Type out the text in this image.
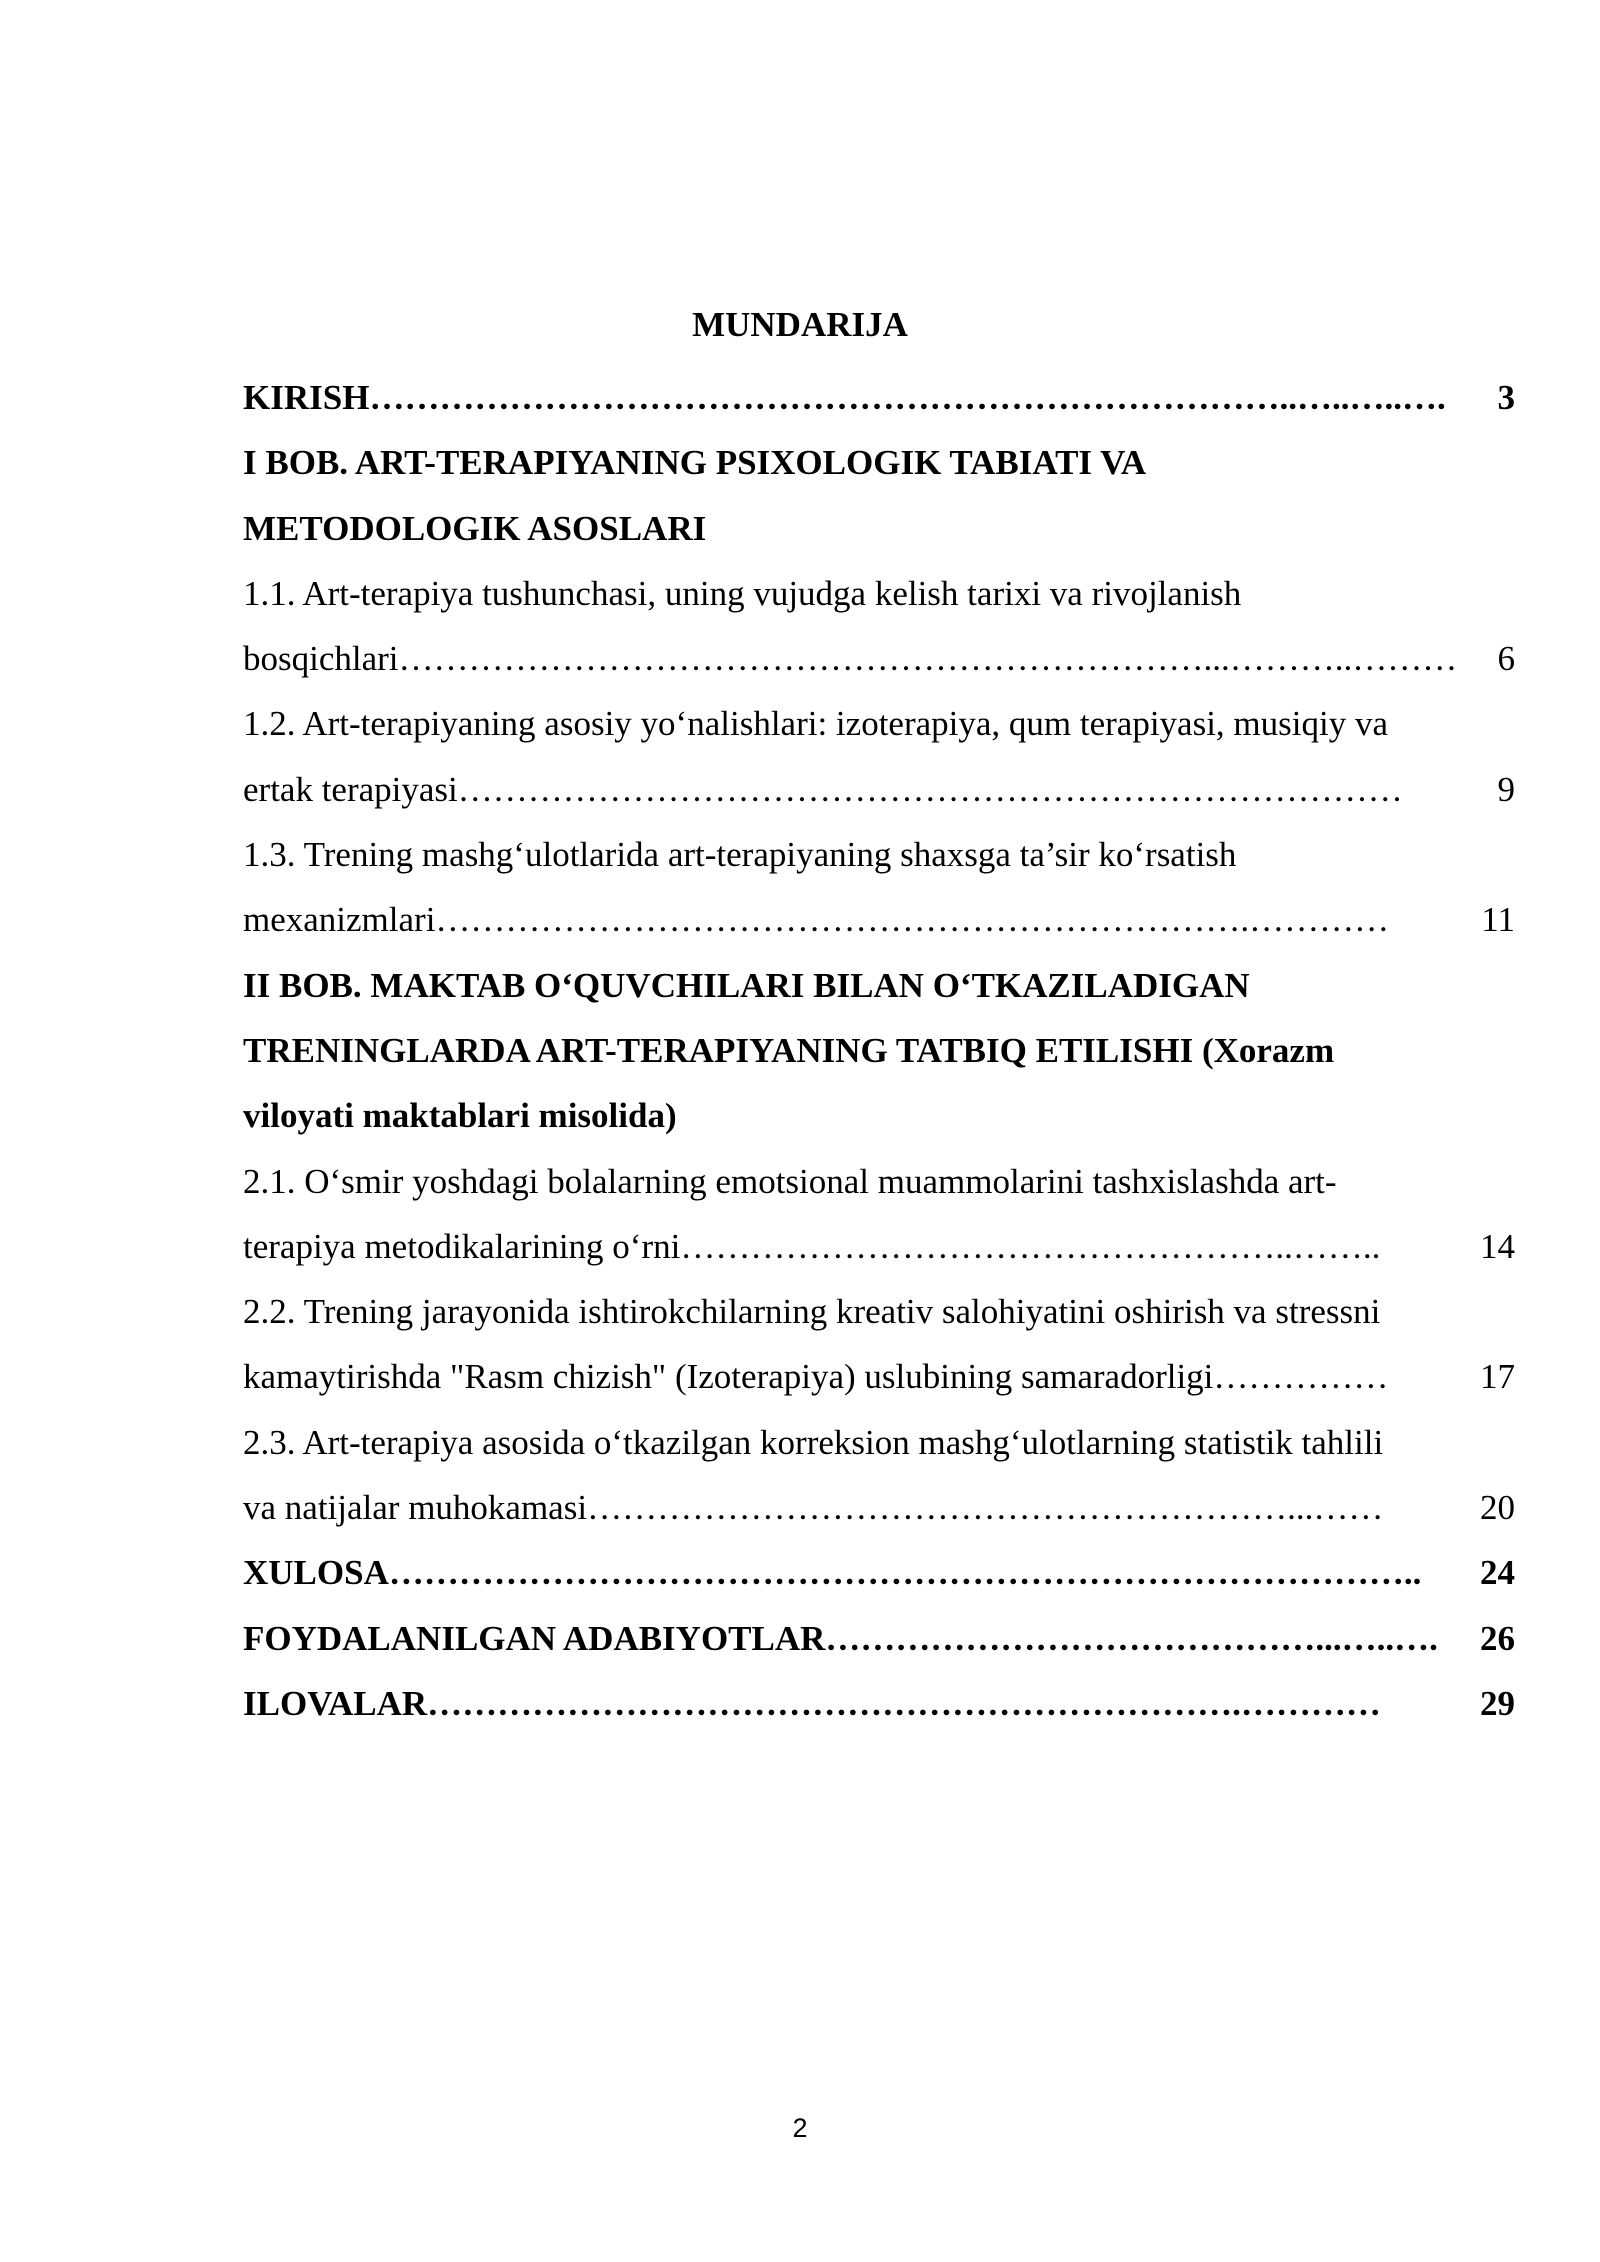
MUNDARIJA
KIRISH ……………………………………………………………………..…..…..….	3
I BOB. ART-TERAPIYANING PSIXOLOGIK TABIATI VA
METODOLOGIK ASOSLARI
1.1. Art-terapiya tushunchasi, uning vujudga kelish tarixi va rivojlanish
bosqichlari ……………………………………………………………...………..………	6
1.2. Art-terapiyaning asosiy yo‘nalishlari: izoterapiya, qum terapiyasi, musiqiy va
ertak terapiyasi ………………………………………………………………………	9
1.3. Trening mashg‘ulotlarida art-terapiyaning shaxsga ta’sir ko‘rsatish
mexanizmlari …………………………………………………………….…………	11
II BOB. MAKTAB O‘QUVCHILARI BILAN O‘TKAZILADIGAN
TRENINGLARDA ART-TERAPIYANING TATBIQ ETILISHI (Xorazm
viloyati maktablari misolida)
2.1. O‘smir yoshdagi bolalarning emotsional muammolarini tashxislashda art-
terapiya metodikalarining o‘rni ……………………………………………..……..	14
2.2. Trening jarayonida ishtirokchilarning kreativ salohiyatini oshirish va stressni
kamaytirishda "Rasm chizish" (Izoterapiya) uslubining samaradorligi ……………	17
2.3. Art-terapiya asosida o‘tkazilgan korreksion mashg‘ulotlarning statistik tahlili
va natijalar muhokamasi ……………………………………………………...……	20
XULOSA ……………………………………………………………………………..	24
FOYDALANILGAN ADABIYOTLAR ……………………………………...…..….	26
ILOVALAR …………………………………………………………….…………	29
2
